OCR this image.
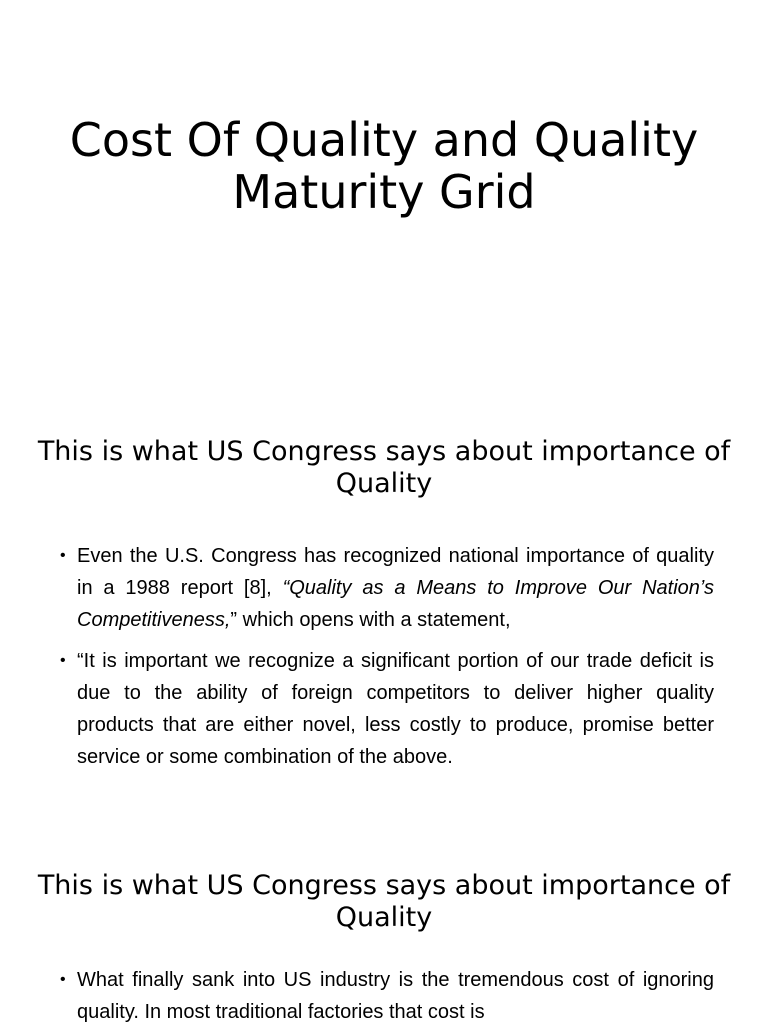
Cost Of Quality and Quality Maturity Grid
This is what US Congress says about importance of Quality
• Even the U.S. Congress has recognized national importance of quality in a 1988 report [8], “Quality as a Means to Improve Our Nation’s Competitiveness,” which opens with a statement,
• “It is important we recognize a significant portion of our trade deficit is due to the ability of foreign competitors to deliver higher quality products that are either novel, less costly to produce, promise better service or some combination of the above.
This is what US Congress says about importance of Quality
• What finally sank into US industry is the tremendous cost of ignoring quality. In most traditional factories that cost is
